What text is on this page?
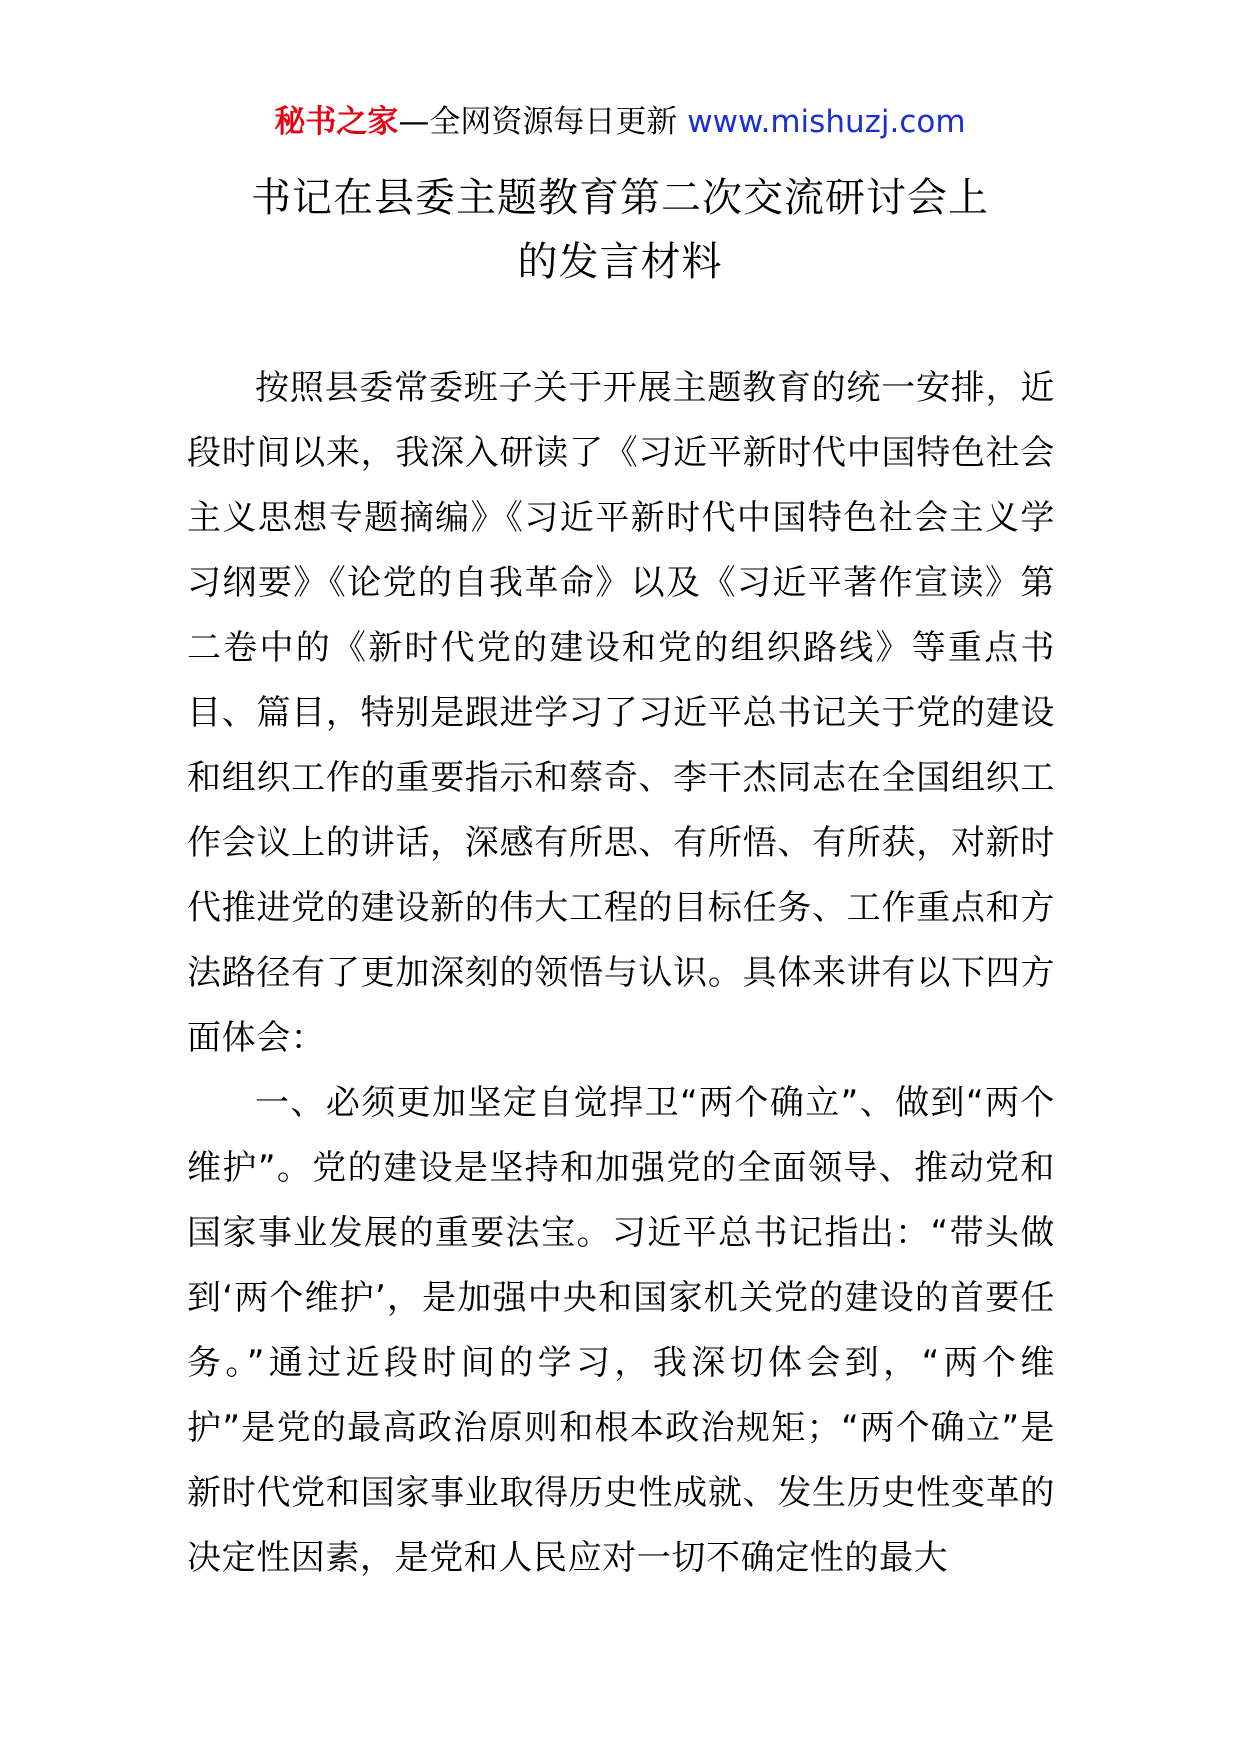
秘书之家—全网资源每日更新 www.mishuzj.com
书记在县委主题教育第二次交流研讨会上
的发言材料

按照县委常委班子关于开展主题教育的统一安排，近段时间以来，我深入研读了《习近平新时代中国特色社会主义思想专题摘编》《习近平新时代中国特色社会主义学习纲要》《论党的自我革命》以及《习近平著作宣读》第二卷中的《新时代党的建设和党的组织路线》等重点书目、篇目，特别是跟进学习了习近平总书记关于党的建设和组织工作的重要指示和蔡奇、李干杰同志在全国组织工作会议上的讲话，深感有所思、有所悟、有所获，对新时代推进党的建设新的伟大工程的目标任务、工作重点和方法路径有了更加深刻的领悟与认识。具体来讲有以下四方面体会：

一、必须更加坚定自觉捍卫“两个确立”、做到“两个维护”。党的建设是坚持和加强党的全面领导、推动党和国家事业发展的重要法宝。习近平总书记指出：“带头做到‘两个维护’，是加强中央和国家机关党的建设的首要任务。”通过近段时间的学习，我深切体会到，“两个维护”是党的最高政治原则和根本政治规矩；“两个确立”是新时代党和国家事业取得历史性成就、发生历史性变革的决定性因素，是党和人民应对一切不确定性的最大
